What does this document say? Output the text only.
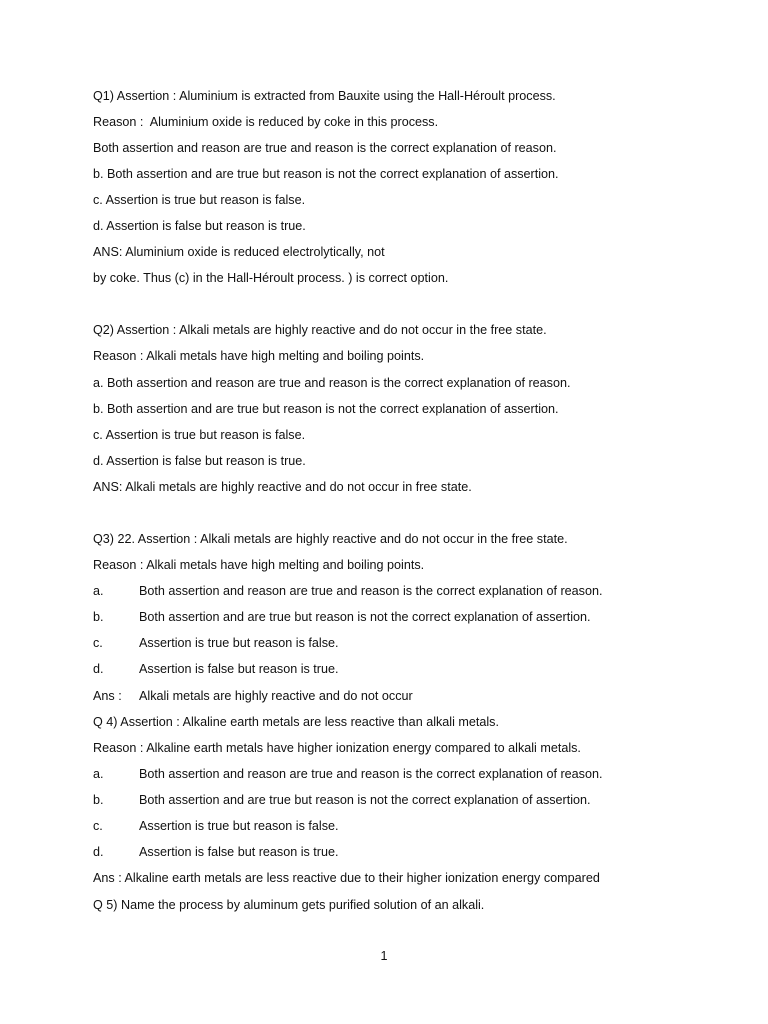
Q1) Assertion : Aluminium is extracted from Bauxite using the Hall-Héroult process.
Reason :  Aluminium oxide is reduced by coke in this process.
Both assertion and reason are true and reason is the correct explanation of reason.
b. Both assertion and are true but reason is not the correct explanation of assertion.
c. Assertion is true but reason is false.
d. Assertion is false but reason is true.
ANS: Aluminium oxide is reduced electrolytically, not
by coke. Thus (c) in the Hall-Héroult process. ) is correct option.
Q2) Assertion : Alkali metals are highly reactive and do not occur in the free state.
Reason : Alkali metals have high melting and boiling points.
a. Both assertion and reason are true and reason is the correct explanation of reason.
b. Both assertion and are true but reason is not the correct explanation of assertion.
c. Assertion is true but reason is false.
d. Assertion is false but reason is true.
ANS: Alkali metals are highly reactive and do not occur in free state.
Q3) 22. Assertion : Alkali metals are highly reactive and do not occur in the free state.
Reason : Alkali metals have high melting and boiling points.
a.	Both assertion and reason are true and reason is the correct explanation of reason.
b.	Both assertion and are true but reason is not the correct explanation of assertion.
c.	Assertion is true but reason is false.
d.	Assertion is false but reason is true.
Ans : Alkali metals are highly reactive and do not occur
Q 4) Assertion : Alkaline earth metals are less reactive than alkali metals.
Reason : Alkaline earth metals have higher ionization energy compared to alkali metals.
a.	Both assertion and reason are true and reason is the correct explanation of reason.
b.	Both assertion and are true but reason is not the correct explanation of assertion.
c.	Assertion is true but reason is false.
d.	Assertion is false but reason is true.
Ans : Alkaline earth metals are less reactive due to their higher ionization energy compared
Q 5) Name the process by aluminum gets purified solution of an alkali.
1
